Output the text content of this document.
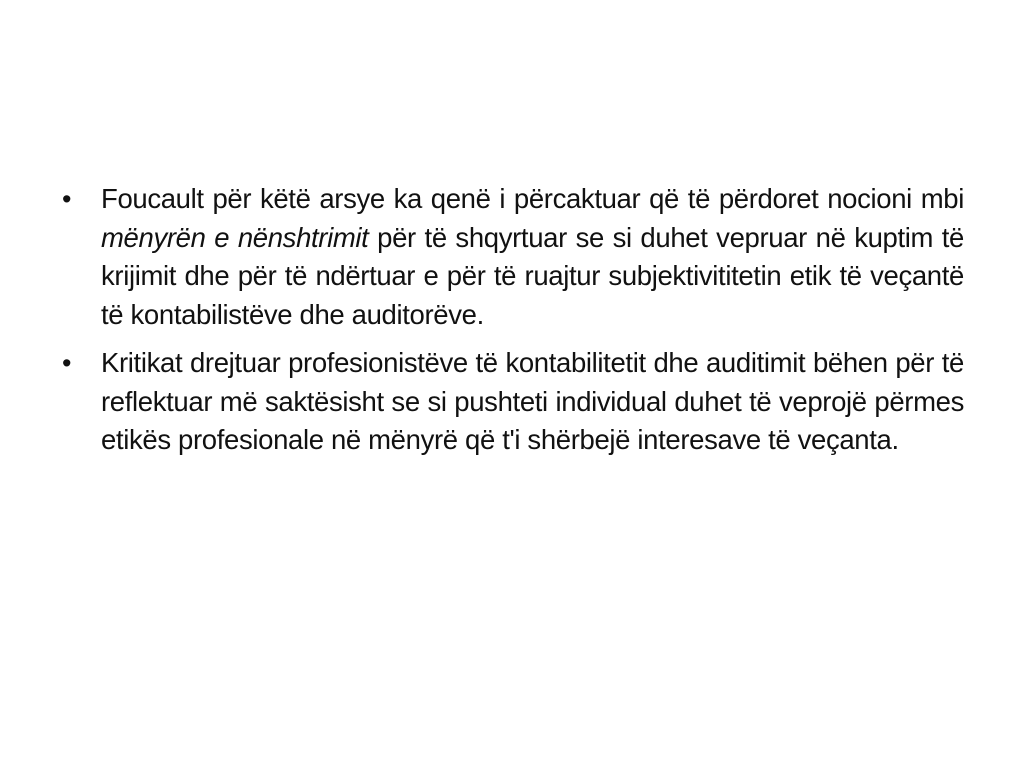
•	Foucault për këtë arsye ka qenë i përcaktuar që të përdoret nocioni mbi mënyrën e nënshtrimit për të shqyrtuar se si duhet vepruar në kuptim të krijimit dhe për të ndërtuar e për të ruajtur subjektivititetin etik të veçantë të kontabilistëve dhe auditorëve.
•	Kritikat drejtuar profesionistëve të kontabilitetit dhe auditimit bëhen për të reflektuar më saktësisht se si pushteti individual duhet të veprojë përmes etikës profesionale në mënyrë që t'i shërbejë interesave të veçanta.
